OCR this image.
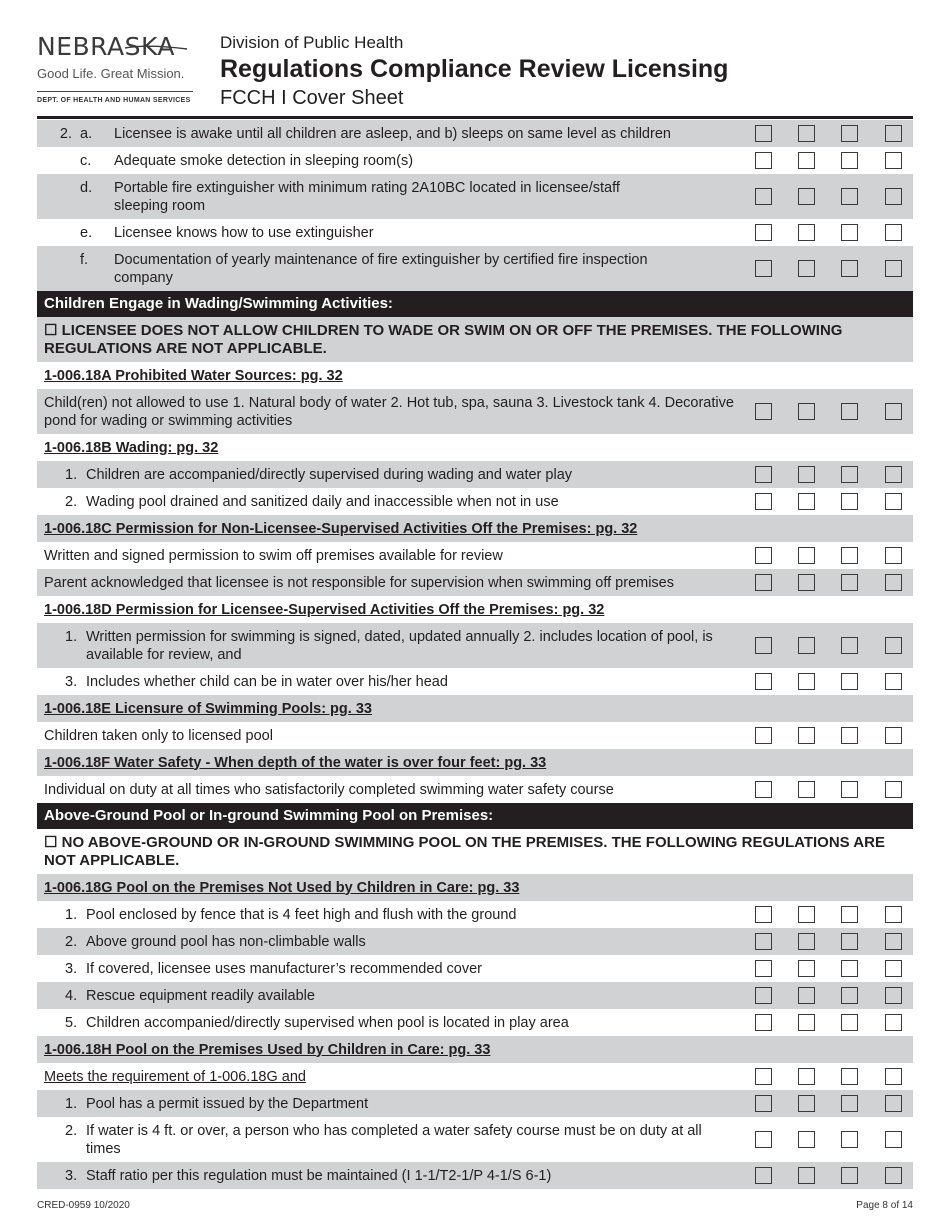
NEBRASKA
Good Life. Great Mission.
DEPT. OF HEALTH AND HUMAN SERVICES
Division of Public Health
Regulations Compliance Review Licensing
FCCH I Cover Sheet
2. a.	Licensee is awake until all children are asleep, and b) sleeps on same level as children
c.	Adequate smoke detection in sleeping room(s)
d.	Portable fire extinguisher with minimum rating 2A10BC located in licensee/staff sleeping room
e.	Licensee knows how to use extinguisher
f.	Documentation of yearly maintenance of fire extinguisher by certified fire inspection company
Children Engage in Wading/Swimming Activities:
☐ LICENSEE DOES NOT ALLOW CHILDREN TO WADE OR SWIM ON OR OFF THE PREMISES. THE FOLLOWING REGULATIONS ARE NOT APPLICABLE.
1-006.18A Prohibited Water Sources: pg. 32
Child(ren) not allowed to use 1. Natural body of water 2. Hot tub, spa, sauna 3. Livestock tank 4. Decorative pond for wading or swimming activities
1-006.18B Wading: pg. 32
1. Children are accompanied/directly supervised during wading and water play
2. Wading pool drained and sanitized daily and inaccessible when not in use
1-006.18C Permission for Non-Licensee-Supervised Activities Off the Premises: pg. 32
Written and signed permission to swim off premises available for review
Parent acknowledged that licensee is not responsible for supervision when swimming off premises
1-006.18D Permission for Licensee-Supervised Activities Off the Premises: pg. 32
1. Written permission for swimming is signed, dated, updated annually 2. includes location of pool, is available for review, and
3. Includes whether child can be in water over his/her head
1-006.18E Licensure of Swimming Pools: pg. 33
Children taken only to licensed pool
1-006.18F Water Safety - When depth of the water is over four feet: pg. 33
Individual on duty at all times who satisfactorily completed swimming water safety course
Above-Ground Pool or In-ground Swimming Pool on Premises:
☐ NO ABOVE-GROUND OR IN-GROUND SWIMMING POOL ON THE PREMISES. THE FOLLOWING REGULATIONS ARE NOT APPLICABLE.
1-006.18G Pool on the Premises Not Used by Children in Care: pg. 33
1. Pool enclosed by fence that is 4 feet high and flush with the ground
2. Above ground pool has non-climbable walls
3. If covered, licensee uses manufacturer’s recommended cover
4. Rescue equipment readily available
5. Children accompanied/directly supervised when pool is located in play area
1-006.18H Pool on the Premises Used by Children in Care: pg. 33
Meets the requirement of 1-006.18G and
1. Pool has a permit issued by the Department
2. If water is 4 ft. or over, a person who has completed a water safety course must be on duty at all times
3. Staff ratio per this regulation must be maintained (I 1-1/T2-1/P 4-1/S 6-1)
CRED-0959 10/2020	Page 8 of 14
